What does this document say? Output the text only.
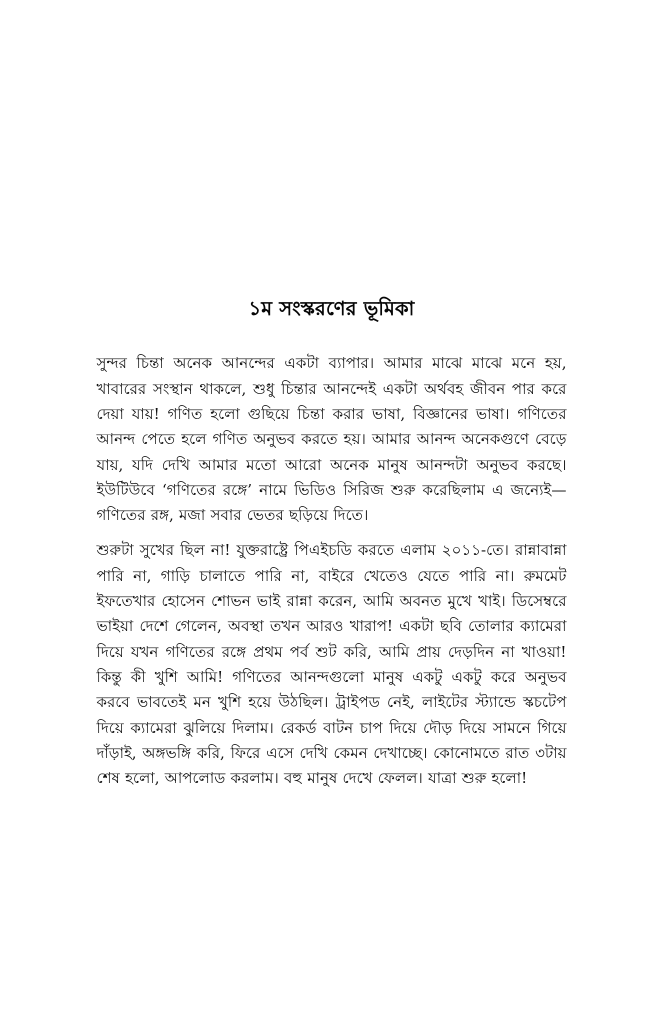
১ম সংস্করণের ভূমিকা

সুন্দর চিন্তা অনেক আনন্দের একটা ব্যাপার। আমার মাঝে মাঝে মনে হয়, খাবারের সংস্থান থাকলে, শুধু চিন্তার আনন্দেই একটা অর্থবহ জীবন পার করে দেয়া যায়! গণিত হলো গুছিয়ে চিন্তা করার ভাষা, বিজ্ঞানের ভাষা। গণিতের আনন্দ পেতে হলে গণিত অনুভব করতে হয়। আমার আনন্দ অনেকগুণে বেড়ে যায়, যদি দেখি আমার মতো আরো অনেক মানুষ আনন্দটা অনুভব করছে। ইউটিউবে ‘গণিতের রঙ্গে’ নামে ভিডিও সিরিজ শুরু করেছিলাম এ জন্যেই— গণিতের রঙ্গ, মজা সবার ভেতর ছড়িয়ে দিতে।

শুরুটা সুখের ছিল না! যুক্তরাষ্ট্রে পিএইচডি করতে এলাম ২০১১-তে। রান্নাবান্না পারি না, গাড়ি চালাতে পারি না, বাইরে খেতেও যেতে পারি না। রুমমেট ইফতেখার হোসেন শোভন ভাই রান্না করেন, আমি অবনত মুখে খাই। ডিসেম্বরে ভাইয়া দেশে গেলেন, অবস্থা তখন আরও খারাপ! একটা ছবি তোলার ক্যামেরা দিয়ে যখন গণিতের রঙ্গে প্রথম পর্ব শুট করি, আমি প্রায় দেড়দিন না খাওয়া! কিন্তু কী খুশি আমি! গণিতের আনন্দগুলো মানুষ একটু একটু করে অনুভব করবে ভাবতেই মন খুশি হয়ে উঠছিল। ট্রাইপড নেই, লাইটের স্ট্যান্ডে স্কচটেপ দিয়ে ক্যামেরা ঝুলিয়ে দিলাম। রেকর্ড বাটন চাপ দিয়ে দৌড় দিয়ে সামনে গিয়ে দাঁড়াই, অঙ্গভঙ্গি করি, ফিরে এসে দেখি কেমন দেখাচ্ছে। কোনোমতে রাত ৩টায় শেষ হলো, আপলোড করলাম। বহু মানুষ দেখে ফেলল। যাত্রা শুরু হলো!
